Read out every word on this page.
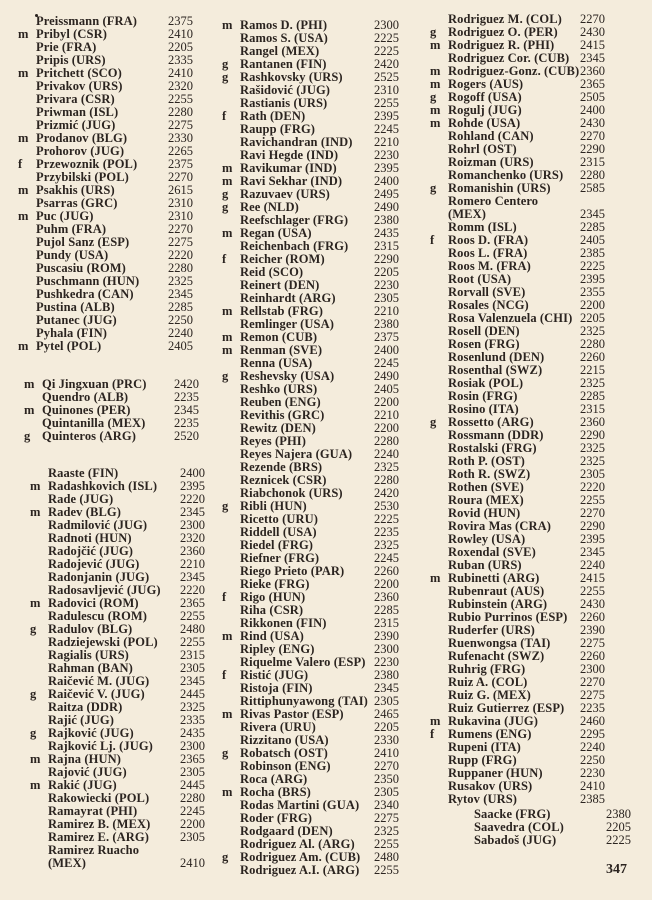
Preissmann (FRA) 2375
m Pribyl (CSR)	2410
Prie (FRA)	2205
Pripis (URS)	2335
m Pritchett (SCO)	2410
Privakov (URS)	2320
Privara (CSR)	2255
Priwman (ISL)	2280
Prizmić (JUG)	2275
m Prodanov (BLG)	2330
Prohorov (JUG)	2265
f	Przewoznik (POL) 2375
Przybilski (POL)	2270
m Psakhis (URS)	2615
Psarras (GRC)	2310
m Puc (JUG)	2310
Puhm (FRA)	2270
Pujol Sanz (ESP)	2275
Pundy (USA)	2220
Puscasiu (ROM)	2280
Puschmann (HUN) 2325
Pushkedra (CAN)	2345
Pustina (ALB)	2285
Putanec (JUG)	2250
Pyhala (FIN)	2240
m Pytel (POL)	2405
m Qi Jingxuan (PRC) 2420
Quendro (ALB)	2235
m Quinones (PER)	2345
Quintanilla (MEX) 2235
g Quinteros (ARG)	2520
Raaste (FIN)	2400
m Radashkovich (ISL) 2395
Rade (JUG)	2220
m Radev (BLG)	2345
Radmilović (JUG)	2300
Radnoti (HUN)	2320
Radojčić (JUG)	2360
Radojević (JUG)	2210
Radonjanin (JUG) 2345
Radosavljević (JUG) 2220
m Radovici (ROM)	2365
Radulescu (ROM)	2255
g Radulov (BLG)	2480
Radziejewski (POL) 2255
Ragialis (URS)	2315
Rahman (BAN)	2305
Raičević M. (JUG) 2345
g Raičević V. (JUG)	2445
Raitza (DDR)	2325
Rajić (JUG)	2335
g Rajković (JUG)	2435
Rajković Lj. (JUG) 2300
m Rajna (HUN)	2365
Rajović (JUG)	2305
m Rakić (JUG)	2445
Rakowiecki (POL) 2280
Ramayrat (PHI)	2245
Ramirez B. (MEX) 2200
Ramirez E. (ARG) 2305
Ramirez Ruacho
(MEX)	2410
m Ramos D. (PHI)	2300
Ramos S. (USA)	2225
Rangel (MEX)	2225
g Rantanen (FIN)	2420
g Rashkovsky (URS)	2525
Rašidović (JUG)	2310
Rastianis (URS)	2255
f	Rath (DEN)	2395
Raupp (FRG)	2245
Ravichandran (IND) 2210
Ravi Hegde (IND)	2230
m Ravikumar (IND)	2395
m Ravi Sekhar (IND)	2400
g Razuvaev (URS)	2495
g Ree (NLD)	2490
Reefschlager (FRG) 2380
m Regan (USA)	2435
Reichenbach (FRG) 2315
f	Reicher (ROM)	2290
Reid (SCO)	2205
Reinert (DEN)	2230
Reinhardt (ARG)	2305
m Rellstab (FRG)	2210
Remlinger (USA)	2380
m Remon (CUB)	2375
m Renman (SVE)	2400
Renna (USA)	2245
g Reshevsky (USA)	2490
Reshko (URS)	2405
Reuben (ENG)	2200
Revithis (GRC)	2210
Rewitz (DEN)	2200
Reyes (PHI)	2280
Reyes Najera (GUA) 2240
Rezende (BRS)	2325
Reznicek (CSR)	2280
Riabchonok (URS)	2420
g Ribli (HUN)	2530
Ricetto (URU)	2225
Riddell (USA)	2235
Riedel (FRG)	2325
Riefner (FRG)	2245
Riego Prieto (PAR) 2260
Rieke (FRG)	2200
f	Rigo (HUN)	2360
Riha (CSR)	2285
Rikkonen (FIN)	2315
m Rind (USA)	2390
Ripley (ENG)	2300
Riquelme Valero (ESP) 2230
f	Ristić (JUG)	2380
Ristoja (FIN)	2345
Rittiphunyawong (TAI) 2305
m Rivas Pastor (ESP) 2465
Rivera (URU)	2205
Rizzitano (USA)	2330
g Robatsch (OST)	2410
Robinson (ENG)	2270
Roca (ARG)	2350
m Rocha (BRS)	2305
Rodas Martini (GUA) 2340
Roder (FRG)	2275
Rodgaard (DEN)	2325
Rodriguez Al. (ARG) 2255
g Rodriguez Am. (CUB) 2480
Rodriguez A.I. (ARG) 2255
Rodriguez M. (COL) 2270
g Rodriguez O. (PER) 2430
m Rodriguez R. (PHI) 2415
Rodriguez Cor. (CUB) 2345
m Rodriguez-Gonz. (CUB) 2360
m Rogers (AUS)	2365
g Rogoff (USA)	2505
m Rogulj (JUG)	2400
m Rohde (USA)	2430
Rohland (CAN)	2270
Rohrl (OST)	2290
Roizman (URS)	2315
Romanchenko (URS) 2280
g Romanishin (URS) 2585
Romero Centero
(MEX)	2345
Romm (ISL)	2285
f	Roos D. (FRA)	2405
Roos L. (FRA)	2385
Roos M. (FRA)	2225
Root (USA)	2395
Rorvall (SVE)	2355
Rosales (NCG)	2200
Rosa Valenzuela (CHI) 2205
Rosell (DEN)	2325
Rosen (FRG)	2280
Rosenlund (DEN)	2260
Rosenthal (SWZ)	2215
Rosiak (POL)	2325
Rosin (FRG)	2285
Rosino (ITA)	2315
g Rossetto (ARG)	2360
Rossmann (DDR)	2290
Rostalski (FRG)	2325
Roth P. (OST)	2325
Roth R. (SWZ)	2305
Rothen (SVE)	2220
Roura (MEX)	2255
Rovid (HUN)	2270
Rovira Mas (CRA) 2290
Rowley (USA)	2395
Roxendal (SVE)	2345
Ruban (URS)	2240
m Rubinetti (ARG)	2415
Rubenraut (AUS)	2255
Rubinstein (ARG)	2430
Rubio Purrinos (ESP) 2260
Ruderfer (URS)	2390
Ruenwongsa (TAI) 2275
Rufenacht (SWZ)	2260
Ruhrig (FRG)	2300
Ruiz A. (COL)	2270
Ruiz G. (MEX)	2275
Ruiz Gutierrez (ESP) 2235
m Rukavina (JUG)	2460
f	Rumens (ENG)	2295
Rupeni (ITA)	2240
Rupp (FRG)	2250
Ruppaner (HUN)	2230
Rusakov (URS)	2410
Rytov (URS)	2385
Saacke (FRG)	2380
Saavedra (COL)	2205
Sabadoš (JUG)	2225
347
